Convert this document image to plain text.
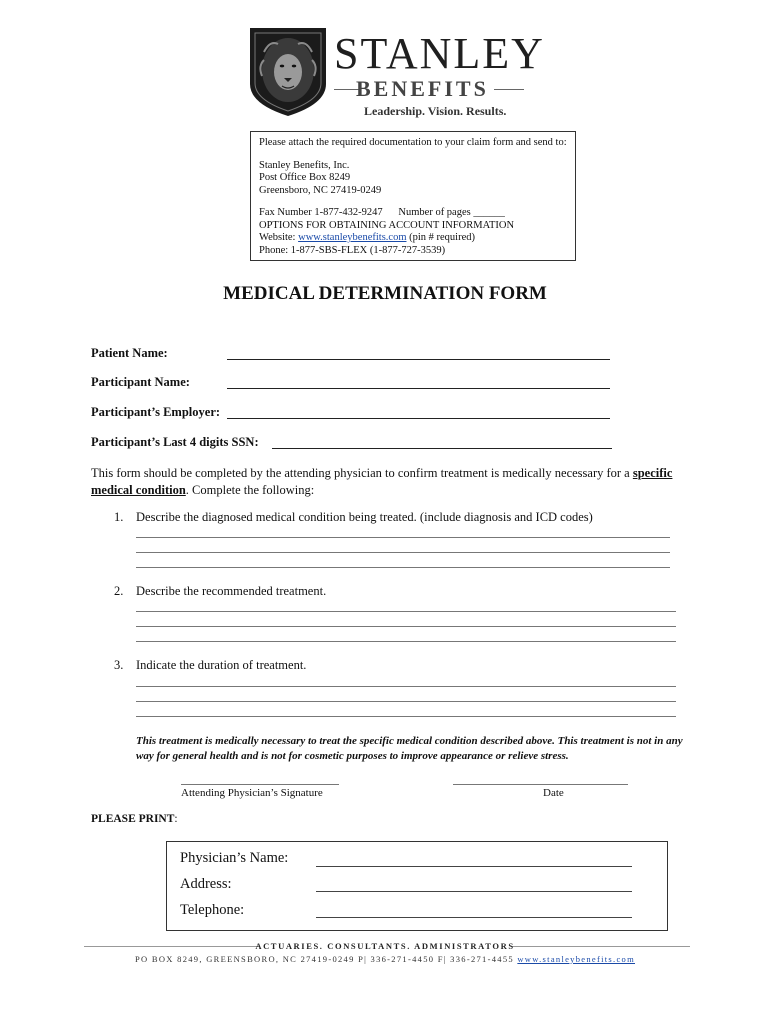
STANLEY
BENEFITS
Leadership. Vision. Results.
Please attach the required documentation to your claim form and send to:
Stanley Benefits, Inc.
Post Office Box 8249
Greensboro, NC 27419-0249
Fax Number 1-877-432-9247 Number of pages ______
OPTIONS FOR OBTAINING ACCOUNT INFORMATION
Website: www.stanleybenefits.com (pin # required)
Phone: 1-877-SBS-FLEX (1-877-727-3539)
MEDICAL DETERMINATION FORM
Patient Name:
Participant Name:
Participant’s Employer:
Participant’s Last 4 digits SSN:
This form should be completed by the attending physician to confirm treatment is medically necessary for a specific medical condition. Complete the following:
1. Describe the diagnosed medical condition being treated. (include diagnosis and ICD codes)
2. Describe the recommended treatment.
3. Indicate the duration of treatment.
This treatment is medically necessary to treat the specific medical condition described above. This treatment is not in any way for general health and is not for cosmetic purposes to improve appearance or relieve stress.
Attending Physician’s Signature	Date
PLEASE PRINT:
Physician’s Name:
Address:
Telephone:
ACTUARIES. CONSULTANTS. ADMINISTRATORS
PO BOX 8249, GREENSBORO, NC 27419-0249 P| 336-271-4450 F| 336-271-4455 www.stanleybenefits.com
